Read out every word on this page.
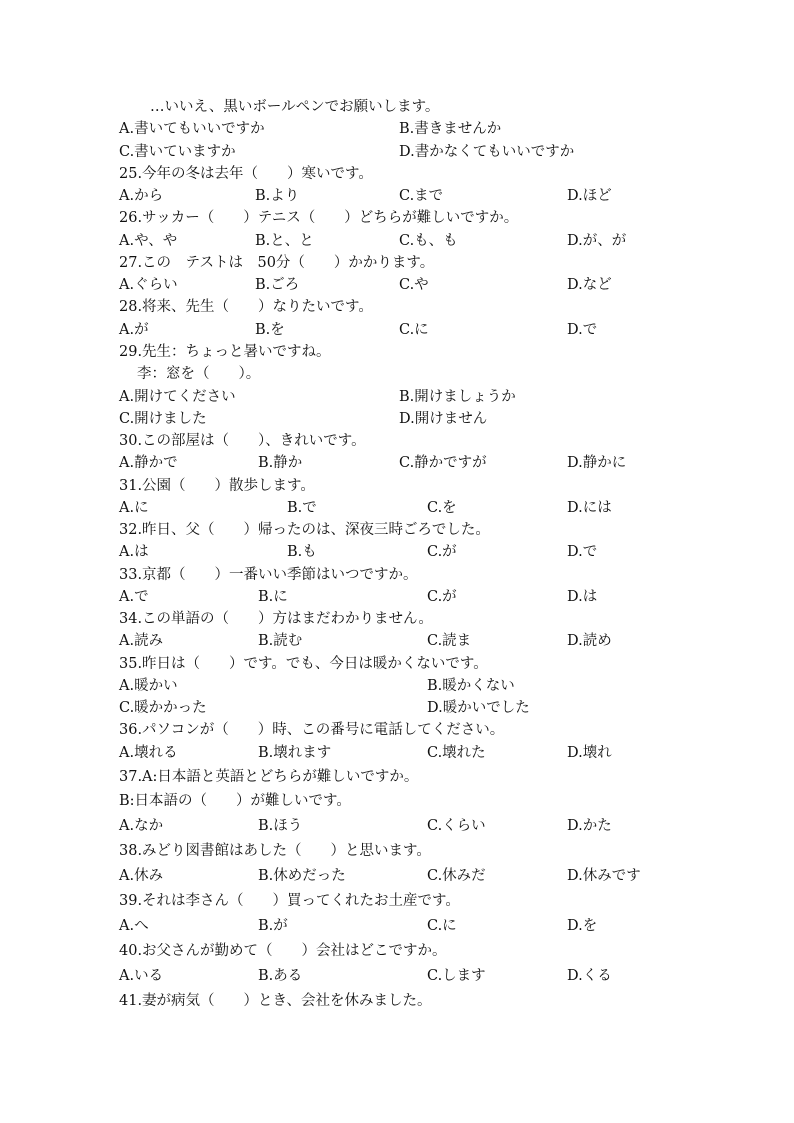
…いいえ、黒いボールペンでお願いします。
A.書いてもいいですか	B.書きませんか
C.書いていますか	D.書かなくてもいいですか
25.今年の冬は去年（　　）寒いです。
A.から	B.より	C.まで	D.ほど
26.サッカー（　　）テニス（　　）どちらが難しいですか。
A.や、や	B.と、と	C.も、も	D.が、が
27.この　テストは　50分（　　）かかります。
A.ぐらい	B.ごろ	C.や	D.など
28.将来、先生（　　）なりたいです。
A.が	B.を	C.に	D.で
29.先生：ちょっと暑いですね。
李：窓を（　　）。
A.開けてください	B.開けましょうか
C.開けました	D.開けません
30.この部屋は（　　）、きれいです。
A.静かで	B.静か	C.静かですが	D.静かに
31.公園（　　）散歩します。
A.に	B.で	C.を	D.には
32.昨日、父（　　）帰ったのは、深夜三時ごろでした。
A.は	B.も	C.が	D.で
33.京都（　　）一番いい季節はいつですか。
A.で	B.に	C.が	D.は
34.この単語の（　　）方はまだわかりません。
A.読み	B.読む	C.読ま	D.読め
35.昨日は（　　）です。でも、今日は暖かくないです。
A.暖かい	B.暖かくない
C.暖かかった	D.暖かいでした
36.パソコンが（　　）時、この番号に電話してください。
A.壊れる	B.壊れます	C.壊れた	D.壊れ
37.A:日本語と英語とどちらが難しいですか。
B:日本語の（　　）が難しいです。
A.なか	B.ほう	C.くらい	D.かた
38.みどり図書館はあした（　　）と思います。
A.休み	B.休めだった	C.休みだ	D.休みです
39.それは李さん（　　）買ってくれたお土産です。
A.へ	B.が	C.に	D.を
40.お父さんが勤めて（　　）会社はどこですか。
A.いる	B.ある	C.します	D.くる
41.妻が病気（　　）とき、会社を休みました。
